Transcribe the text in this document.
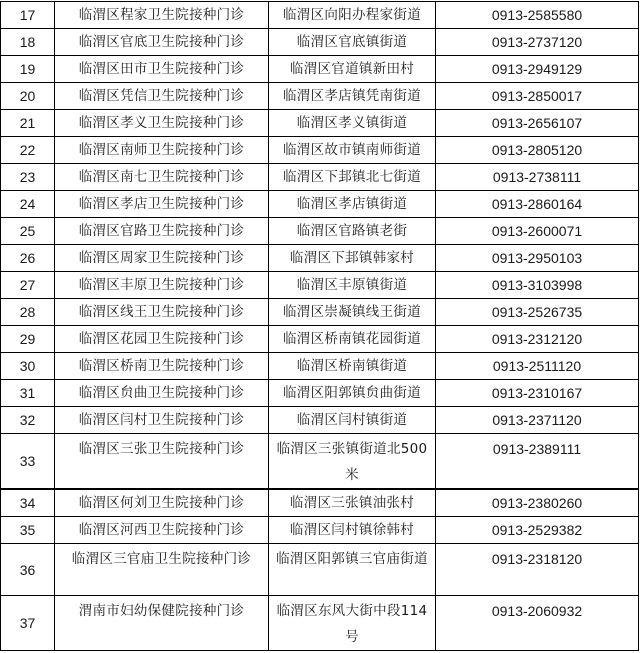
17	临渭区程家卫生院接种门诊	临渭区向阳办程家街道	0913-2585580
18	临渭区官底卫生院接种门诊	临渭区官底镇街道	0913-2737120
19	临渭区田市卫生院接种门诊	临渭区官道镇新田村	0913-2949129
20	临渭区凭信卫生院接种门诊	临渭区孝店镇凭南街道	0913-2850017
21	临渭区孝义卫生院接种门诊	临渭区孝义镇街道	0913-2656107
22	临渭区南师卫生院接种门诊	临渭区故市镇南师街道	0913-2805120
23	临渭区南七卫生院接种门诊	临渭区下邽镇北七街道	0913-2738111
24	临渭区孝店卫生院接种门诊	临渭区孝店镇街道	0913-2860164
25	临渭区官路卫生院接种门诊	临渭区官路镇老街	0913-2600071
26	临渭区周家卫生院接种门诊	临渭区下邽镇韩家村	0913-2950103
27	临渭区丰原卫生院接种门诊	临渭区丰原镇街道	0913-3103998
28	临渭区线王卫生院接种门诊	临渭区崇凝镇线王街道	0913-2526735
29	临渭区花园卫生院接种门诊	临渭区桥南镇花园街道	0913-2312120
30	临渭区桥南卫生院接种门诊	临渭区桥南镇街道	0913-2511120
31	临渭区贠曲卫生院接种门诊	临渭区阳郭镇贠曲街道	0913-2310167
32	临渭区闫村卫生院接种门诊	临渭区闫村镇街道	0913-2371120
33	临渭区三张卫生院接种门诊	临渭区三张镇街道北500米	0913-2389111
34	临渭区何刘卫生院接种门诊	临渭区三张镇油张村	0913-2380260
35	临渭区河西卫生院接种门诊	临渭区闫村镇徐韩村	0913-2529382
36	临渭区三官庙卫生院接种门诊	临渭区阳郭镇三官庙街道	0913-2318120
37	渭南市妇幼保健院接种门诊	临渭区东风大街中段114号	0913-2060932
